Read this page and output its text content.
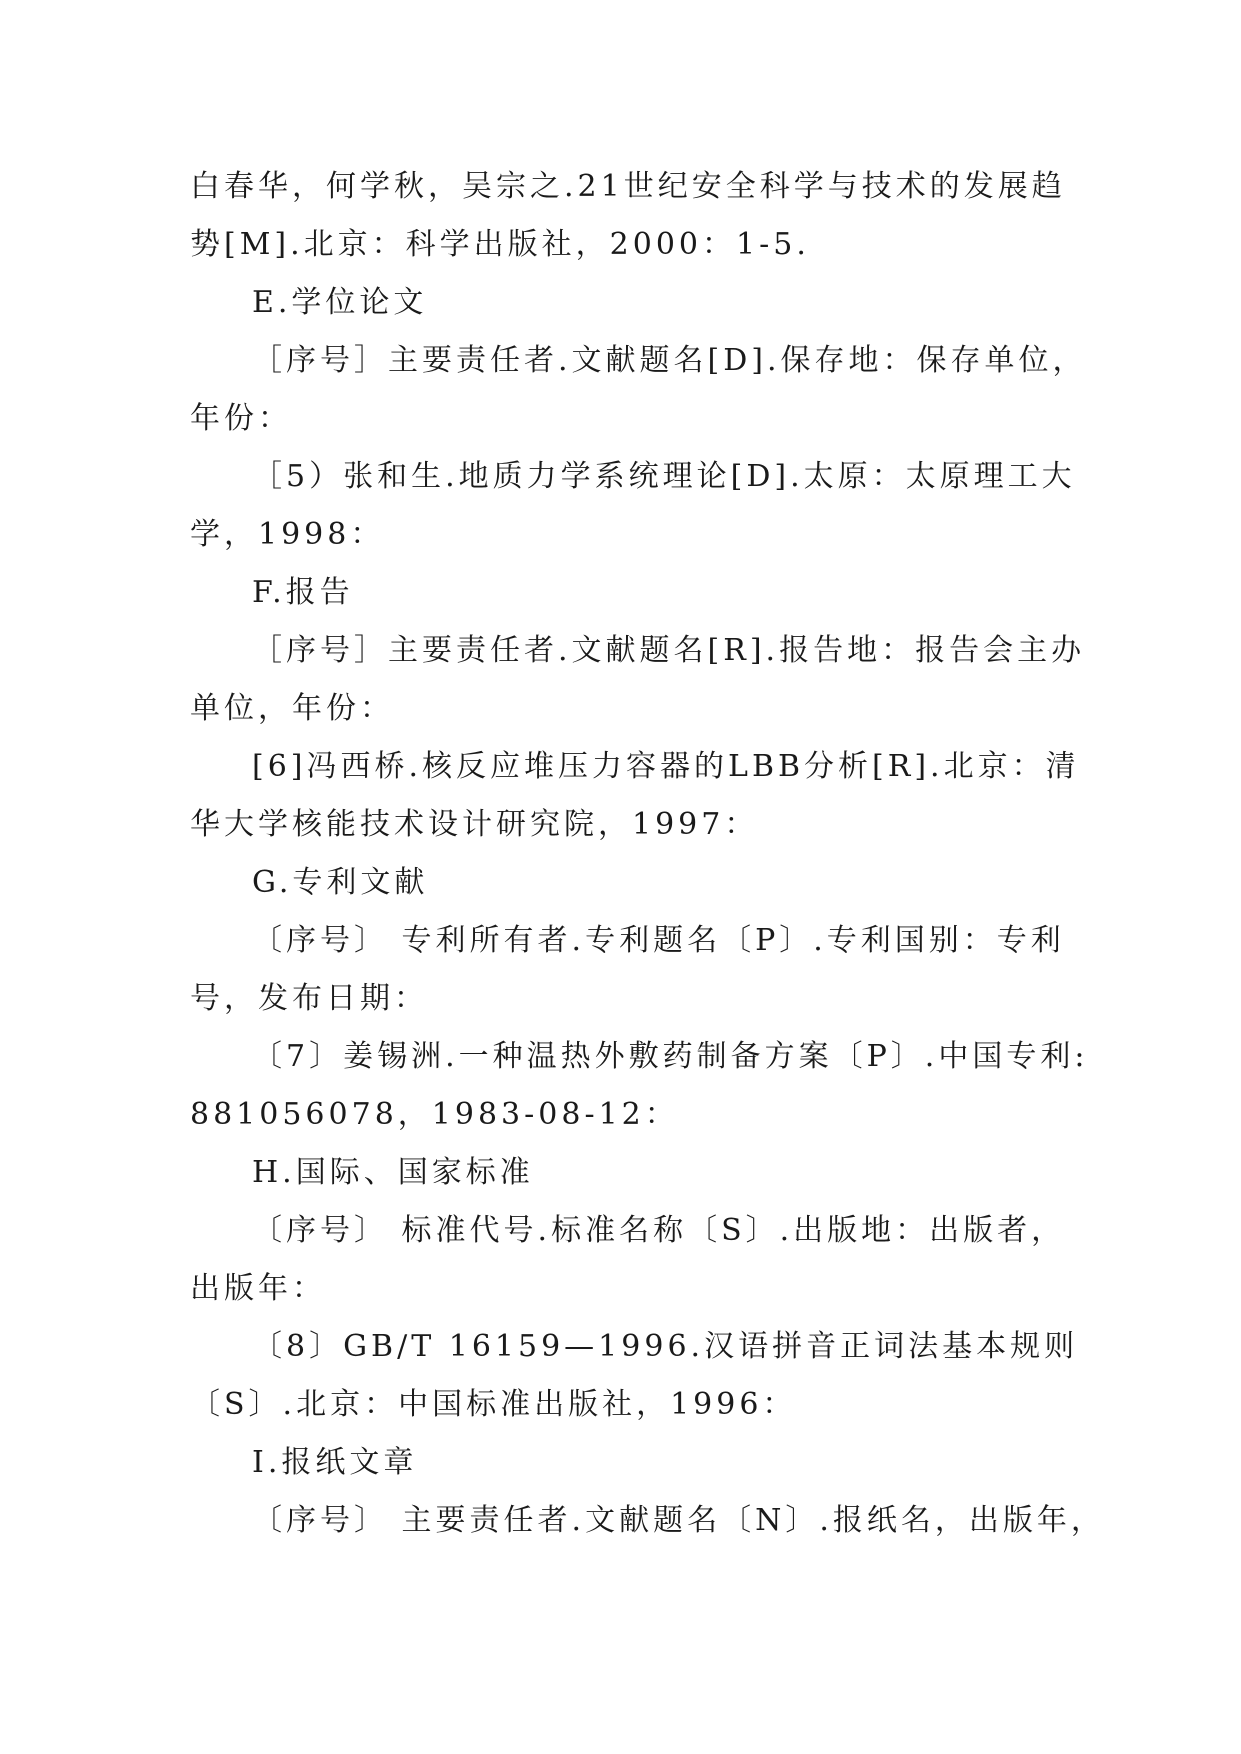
白春华，何学秋，吴宗之.21世纪安全科学与技术的发展趋
势[M].北京：科学出版社，2000：1-5.
E.学位论文
［序号］主要责任者.文献题名[D].保存地：保存单位，
年份：
［5）张和生.地质力学系统理论[D].太原：太原理工大
学，1998：
F.报告
［序号］主要责任者.文献题名[R].报告地：报告会主办
单位，年份：
[6]冯西桥.核反应堆压力容器的LBB分析[R].北京：清
华大学核能技术设计研究院，1997：
G.专利文献
〔序号〕 专利所有者.专利题名〔P〕.专利国别：专利
号，发布日期：
〔7〕姜锡洲.一种温热外敷药制备方案〔P〕.中国专利:
881056078，1983-08-12：
H.国际、国家标准
〔序号〕 标准代号.标准名称〔S〕.出版地：出版者，
出版年：
〔8〕GB/T 16159—1996.汉语拼音正词法基本规则
〔S〕.北京：中国标准出版社，1996：
I.报纸文章
〔序号〕 主要责任者.文献题名〔N〕.报纸名，出版年，
